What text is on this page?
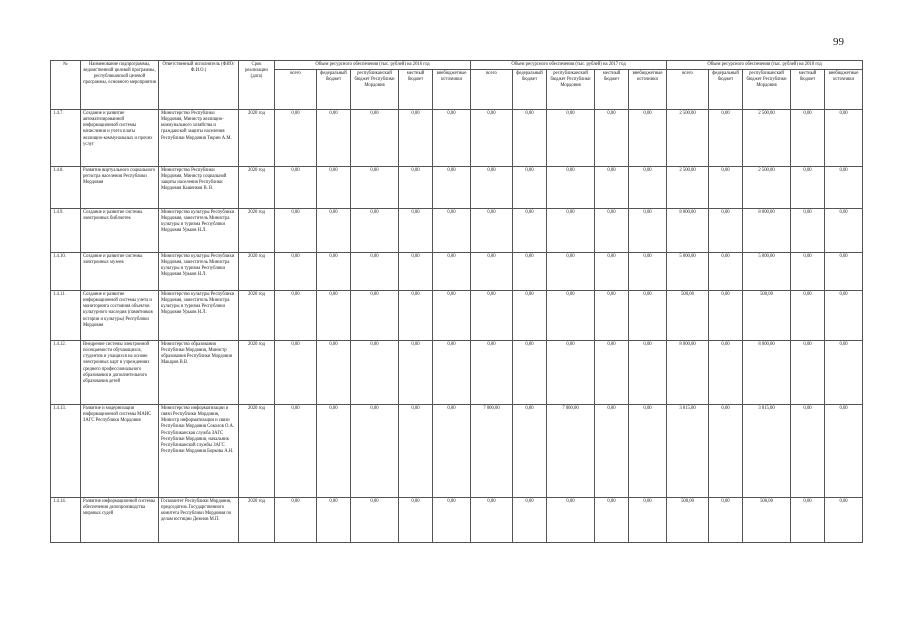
99
№	Наименование подпрограммы, ведомственной целевой программы, республиканской целевой программы, основного мероприятия	Ответственный исполнитель (ФИО/Ф.И.О.)	Срок реализации (дата)	Объем ресурсного обеспечения (тыс. рублей) на 2016 год					Объем ресурсного обеспечения (тыс. рублей) на 2017 год					Объем ресурсного обеспечения (тыс. рублей) на 2018 год				
				всего	федеральный бюджет	республиканский бюджет Республики Мордовия	местный бюджет	внебюджетные источники	всего	федеральный бюджет	республиканский бюджет Республики Мордовия	местный бюджет	внебюджетные источники	всего	федеральный бюджет	республиканский бюджет Республики Мордовия	местный бюджет	внебюджетные источники
1.4.7.	Создание и развитие автоматизированной информационной системы начисления и учета платы жилищно-коммунальных и прочих услуг	Министерство Республики Мордовия, Министр жилищно-коммунального хозяйства и гражданской защиты населения Республики Мордовия Тюрин А.М.	2020 год	0,00	0,00	0,00	0,00	0,00	0,00	0,00	0,00	0,00	0,00	2 500,00	0,00	2 500,00	0,00	0,00
1.4.8.	Развитие виртуального социального регистра населения Республики Мордовия	Министерство Республики Мордовия, Министр социальной защиты населения Республики Мордовия Кашенков В. В.	2020 год	0,00	0,00	0,00	0,00	0,00	0,00	0,00	0,00	0,00	0,00	2 500,00	0,00	2 500,00	0,00	0,00
1.4.9.	Создание и развитие системы электронных библиотек	Министерство культуры Республики Мордовия, заместитель Министра культуры и туризма Республики Мордовия Урьков Н.Л.	2020 год	0,00	0,00	0,00	0,00	0,00	0,00	0,00	0,00	0,00	0,00	8 000,00	0,00	8 000,00	0,00	0,00
1.4.10.	Создание и развитие системы электронных музеев	Министерство культуры Республики Мордовия, заместитель Министра культуры и туризма Республики Мордовия Урьков Н.Л.	2020 год	0,00	0,00	0,00	0,00	0,00	0,00	0,00	0,00	0,00	0,00	5 000,00	0,00	5 000,00	0,00	0,00
1.4.11.	Создание и развитие информационной системы учета и мониторинга состояния объектов культурного наследия (памятников истории и культуры) Республики Мордовия	Министерство культуры Республики Мордовия, заместитель Министра культуры и туризма Республики Мордовия Урьков Н.Л.	2020 год	0,00	0,00	0,00	0,00	0,00	0,00	0,00	0,00	0,00	0,00	500,00	0,00	500,00	0,00	0,00
1.4.12.	Внедрение системы электронной посещаемости обучающихся, студентов и учащихся на основе электронных карт в учреждениях среднего профессионального образования и дополнительного образования детей	Министерство образования Республики Мордовия, Министр образования Республики Мордовия Макаров В.В.	2020 год	0,00	0,00	0,00	0,00	0,00	0,00	0,00	0,00	0,00	0,00	8 000,00	0,00	8 000,00	0,00	0,00
1.4.13.	Развитие и модернизация информационной системы МАИС ЗАГС Республики Мордовия	Министерство информатизации и связи Республики Мордовия, Министр информатизации и связи Республики Мордовия Соколов О.А. Республиканская служба ЗАГС Республики Мордовия, начальник Республиканской службы ЗАГС Республики Мордовия Боркова А.Н.	2020 год	0,00	0,00	0,00	0,00	0,00	7 000,00	0,00	7 000,00	0,00	0,00	3 815,00	0,00	3 815,00	0,00	0,00
1.4.14.	Развитие информационной системы обеспечения делопроизводства мировых судей	Госкомитет Республики Мордовия, председатель Государственного комитета Республики Мордовия по делам юстиции Дежнов М.П.	2020 год	0,00	0,00	0,00	0,00	0,00	0,00	0,00	0,00	0,00	0,00	500,00	0,00	500,00	0,00	0,00
